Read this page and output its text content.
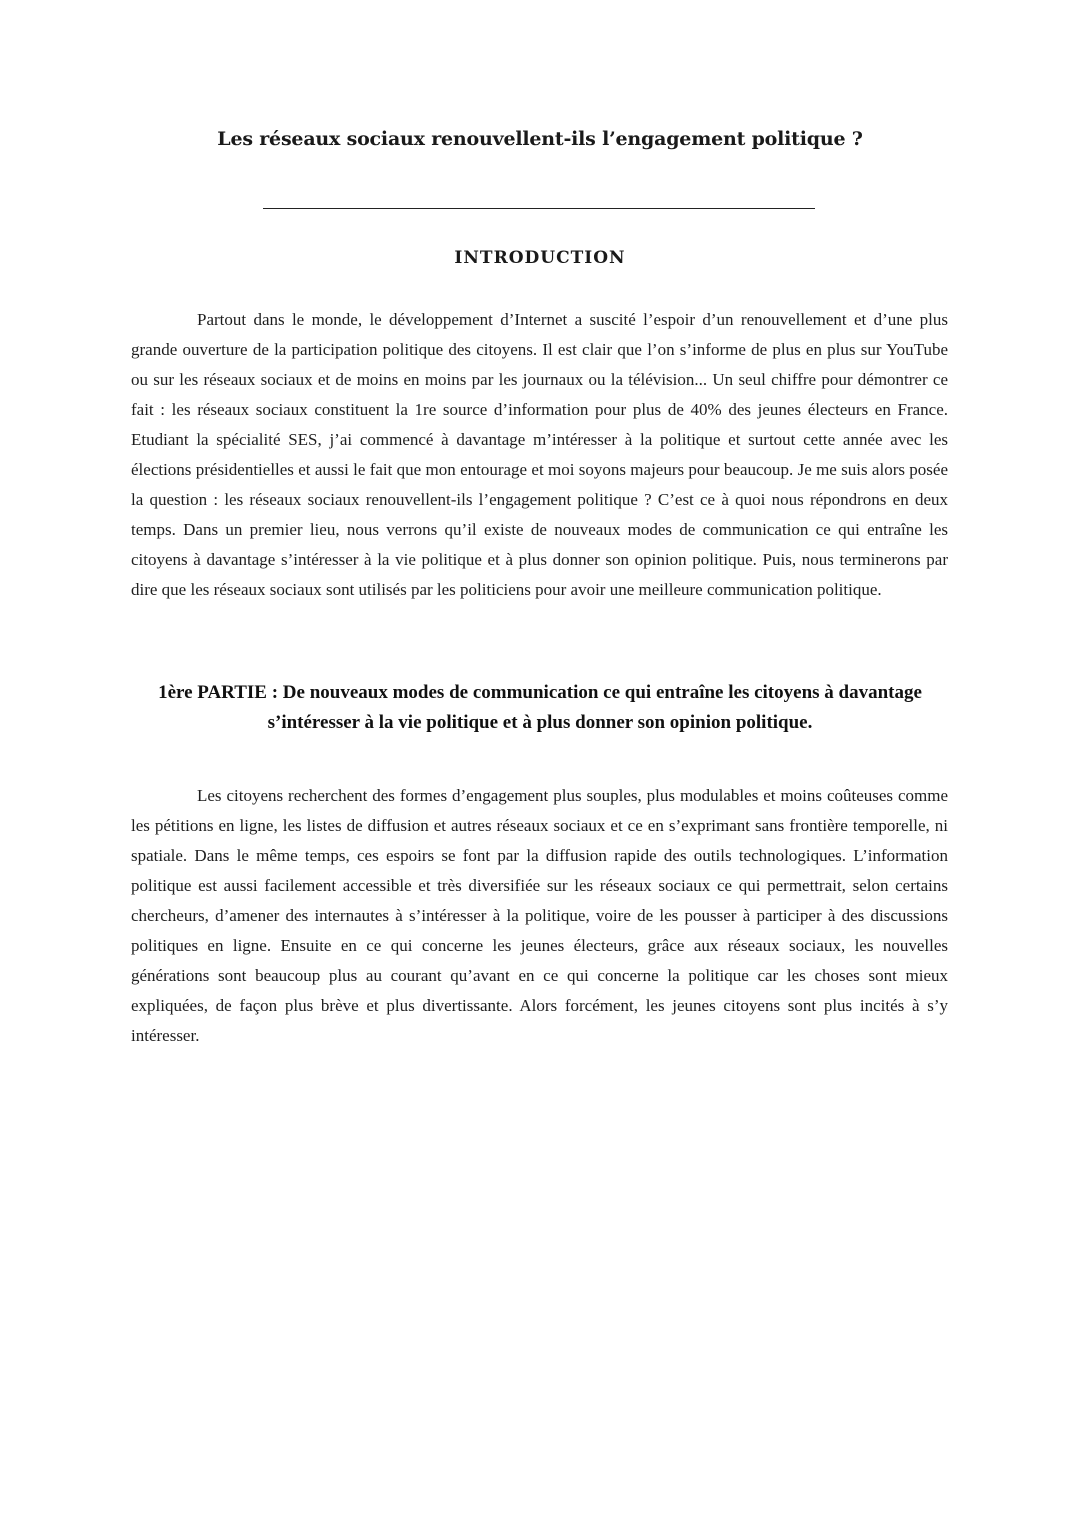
Les réseaux sociaux renouvellent-ils l’engagement politique ?
INTRODUCTION

Partout dans le monde, le développement d’Internet a suscité l’espoir d’un renouvellement et d’une plus grande ouverture de la participation politique des citoyens. Il est clair que l’on s’informe de plus en plus sur YouTube ou sur les réseaux sociaux et de moins en moins par les journaux ou la télévision... Un seul chiffre pour démontrer ce fait : les réseaux sociaux constituent la 1re source d’information pour plus de 40% des jeunes électeurs en France. Etudiant la spécialité SES, j’ai commencé à davantage m’intéresser à la politique et surtout cette année avec les élections présidentielles et aussi le fait que mon entourage et moi soyons majeurs pour beaucoup. Je me suis alors posée la question : les réseaux sociaux renouvellent-ils l’engagement politique ? C’est ce à quoi nous répondrons en deux temps. Dans un premier lieu, nous verrons qu’il existe de nouveaux modes de communication ce qui entraîne les citoyens à davantage s’intéresser à la vie politique et à plus donner son opinion politique. Puis, nous terminerons par dire que les réseaux sociaux sont utilisés par les politiciens pour avoir une meilleure communication politique.

1ère PARTIE : De nouveaux modes de communication ce qui entraîne les citoyens à davantage s’intéresser à la vie politique et à plus donner son opinion politique.

Les citoyens recherchent des formes d’engagement plus souples, plus modulables et moins coûteuses comme les pétitions en ligne, les listes de diffusion et autres réseaux sociaux et ce en s’exprimant sans frontière temporelle, ni spatiale. Dans le même temps, ces espoirs se font par la diffusion rapide des outils technologiques. L’information politique est aussi facilement accessible et très diversifiée sur les réseaux sociaux ce qui permettrait, selon certains chercheurs, d’amener des internautes à s’intéresser à la politique, voire de les pousser à participer à des discussions politiques en ligne. Ensuite en ce qui concerne les jeunes électeurs, grâce aux réseaux sociaux, les nouvelles générations sont beaucoup plus au courant qu’avant en ce qui concerne la politique car les choses sont mieux expliquées, de façon plus brève et plus divertissante. Alors forcément, les jeunes citoyens sont plus incités à s’y intéresser.
